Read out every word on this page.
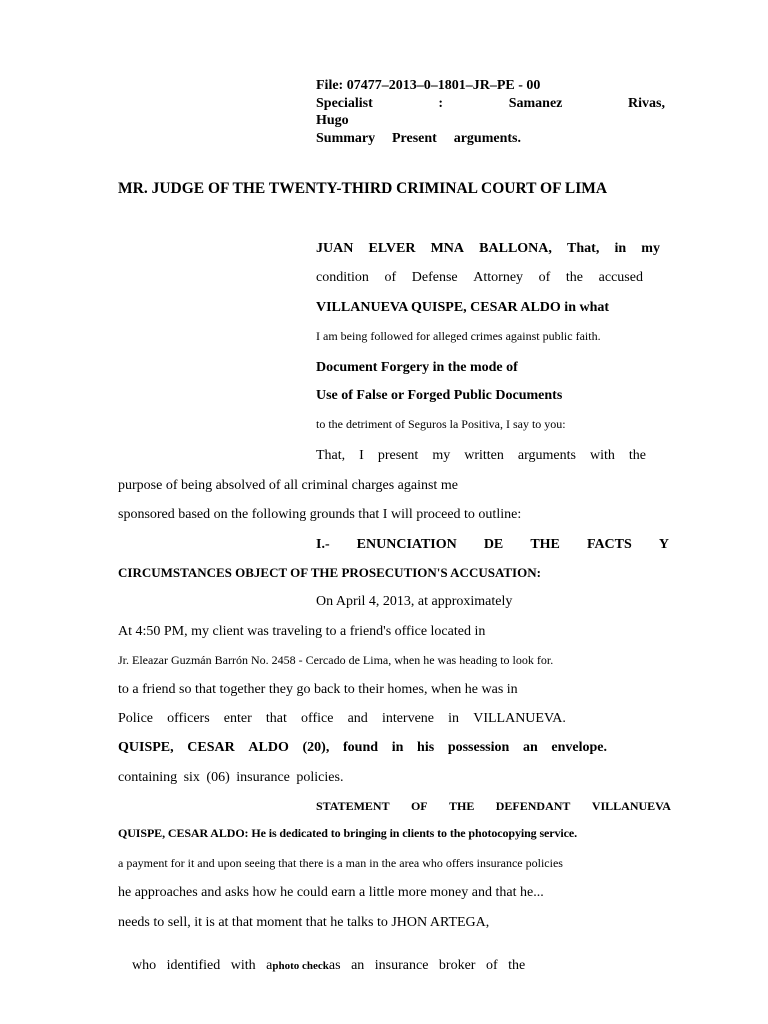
File: 07477–2013–0–1801–JR–PE - 00
Specialist	:	Samanez	Rivas,
Hugo
Summary Present arguments.
MR. JUDGE OF THE TWENTY-THIRD CRIMINAL COURT OF LIMA
JUAN ELVER MNA BALLONA, That, in my
condition of Defense Attorney of the accused
VILLANUEVA QUISPE, CESAR ALDO in what
I am being followed for alleged crimes against public faith.
Document Forgery in the mode of
Use of False or Forged Public Documents
to the detriment of Seguros la Positiva, I say to you:
That, I present my written arguments with the
purpose of being absolved of all criminal charges against me
sponsored based on the following grounds that I will proceed to outline:
I.- ENUNCIATION DE THE FACTS Y
CIRCUMSTANCES OBJECT OF THE PROSECUTION'S ACCUSATION:
On April 4, 2013, at approximately
At 4:50 PM, my client was traveling to a friend's office located in
Jr. Eleazar Guzmán Barrón No. 2458 - Cercado de Lima, when he was heading to look for.
to a friend so that together they go back to their homes, when he was in
Police officers enter that office and intervene in VILLANUEVA.
QUISPE, CESAR ALDO (20), found in his possession an envelope.
containing six (06) insurance policies.
STATEMENT OF THE DEFENDANT VILLANUEVA
QUISPE, CESAR ALDO: He is dedicated to bringing in clients to the photocopying service.
a payment for it and upon seeing that there is a man in the area who offers insurance policies
he approaches and asks how he could earn a little more money and that he...
needs to sell, it is at that moment that he talks to JHON ARTEGA,

who   identified   with   aphoto checkas   an   insurance   broker   of   the
